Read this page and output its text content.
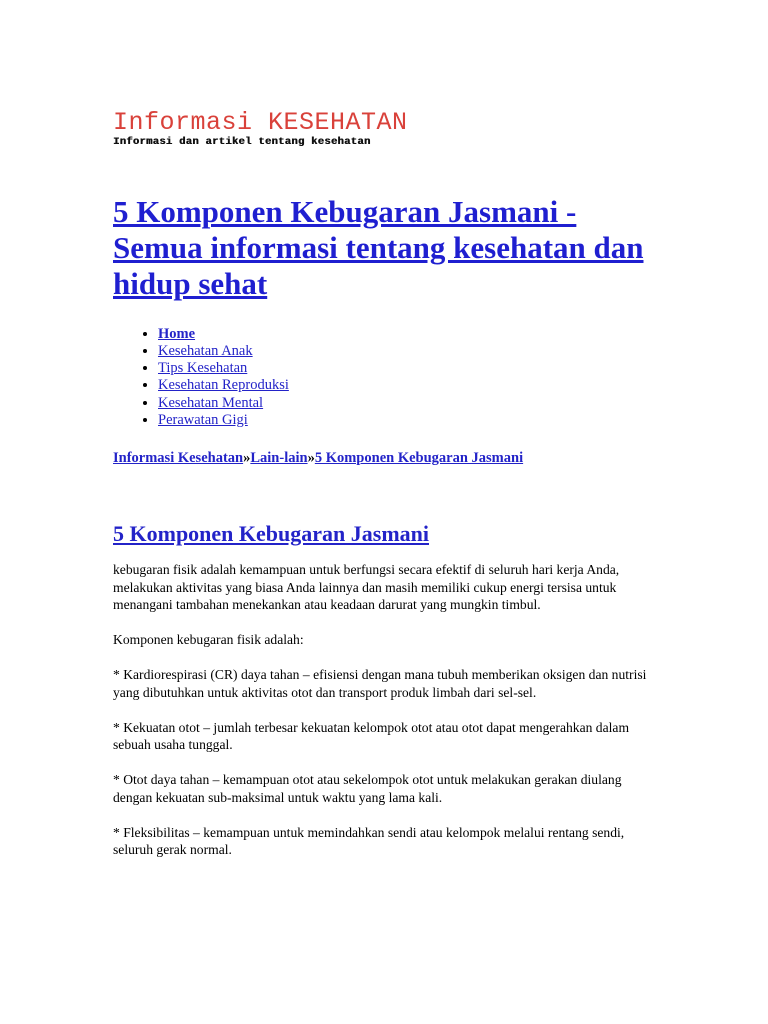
Informasi KESEHATAN
Informasi dan artikel tentang kesehatan
5 Komponen Kebugaran Jasmani - Semua informasi tentang kesehatan dan hidup sehat
• Home
• Kesehatan Anak
• Tips Kesehatan
• Kesehatan Reproduksi
• Kesehatan Mental
• Perawatan Gigi
Informasi Kesehatan»Lain-lain»5 Komponen Kebugaran Jasmani
5 Komponen Kebugaran Jasmani

kebugaran fisik adalah kemampuan untuk berfungsi secara efektif di seluruh hari kerja Anda, melakukan aktivitas yang biasa Anda lainnya dan masih memiliki cukup energi tersisa untuk menangani tambahan menekankan atau keadaan darurat yang mungkin timbul.

Komponen kebugaran fisik adalah:

* Kardiorespirasi (CR) daya tahan – efisiensi dengan mana tubuh memberikan oksigen dan nutrisi yang dibutuhkan untuk aktivitas otot dan transport produk limbah dari sel-sel.

* Kekuatan otot – jumlah terbesar kekuatan kelompok otot atau otot dapat mengerahkan dalam sebuah usaha tunggal.

* Otot daya tahan – kemampuan otot atau sekelompok otot untuk melakukan gerakan diulang dengan kekuatan sub-maksimal untuk waktu yang lama kali.

* Fleksibilitas – kemampuan untuk memindahkan sendi atau kelompok melalui rentang sendi, seluruh gerak normal.
